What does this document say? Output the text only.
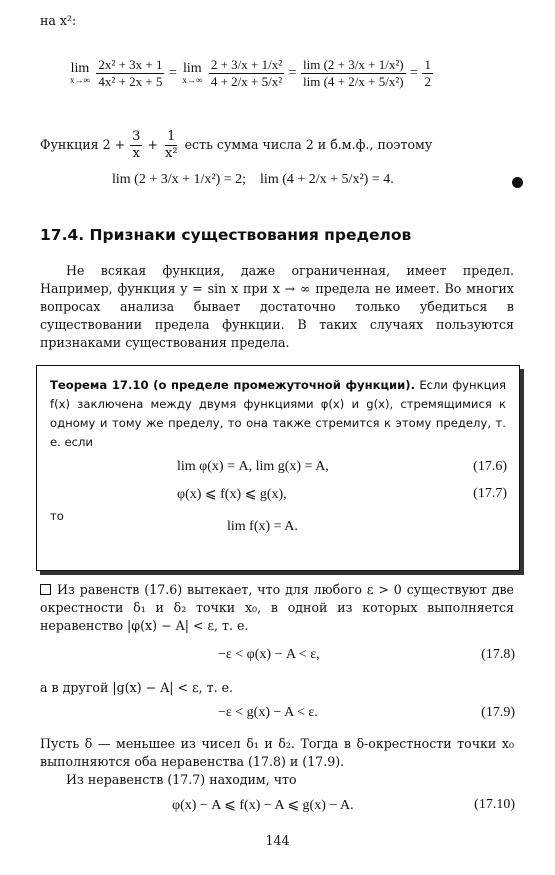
на x²:
lim
x→∞
$\frac{\text{2x² + 3x + 1}}{\text{4x² + 2x + 5}} = \lim$
x→∞
$\frac{\text{2 + 3/x + 1/x²}}{\text{4 + 2/x + 5/x²}} = \frac{\text{lim (2 + 3/x + 1/x²)}}{\text{lim (4 + 2/x + 5/x²)}} = \frac{1}{2}$
Функция $2 + \frac{3}{x} + \frac{1}{\text{x²}}$ есть сумма числа 2 и б.м.ф., поэтому
lim (2 + 3/x + 1/x²) = 2; lim (4 + 2/x + 5/x²) = 4.
17.4. Признаки существования пределов
Не всякая функция, даже ограниченная, имеет предел. Например, функция y = sin x при x → ∞ предела не имеет. Во многих вопросах анализа бывает достаточно только убедиться в существовании предела функции. В таких случаях пользуются признаками существования предела.
Теорема 17.10 (о пределе промежуточной функции). Если функция f(x) заключена между двумя функциями φ(x) и g(x), стремящимися к одному и тому же пределу, то она также стремится к этому пределу, т. е. если
lim φ(x) = A, lim g(x) = A,	(17.6)
φ(x) ⩽ f(x) ⩽ g(x),	(17.7)
то
lim f(x) = A.
Из равенств (17.6) вытекает, что для любого ε > 0 существуют две окрестности δ₁ и δ₂ точки x₀, в одной из которых выполняется неравенство |φ(x) − A| < ε, т. е.
−ε < φ(x) − A < ε,	(17.8)
а в другой |g(x) − A| < ε, т. е.
−ε < g(x) − A < ε.	(17.9)
Пусть δ — меньшее из чисел δ₁ и δ₂. Тогда в δ-окрестности точки x₀ выполняются оба неравенства (17.8) и (17.9).
Из неравенств (17.7) находим, что
φ(x) − A ⩽ f(x) − A ⩽ g(x) − A.	(17.10)
144
